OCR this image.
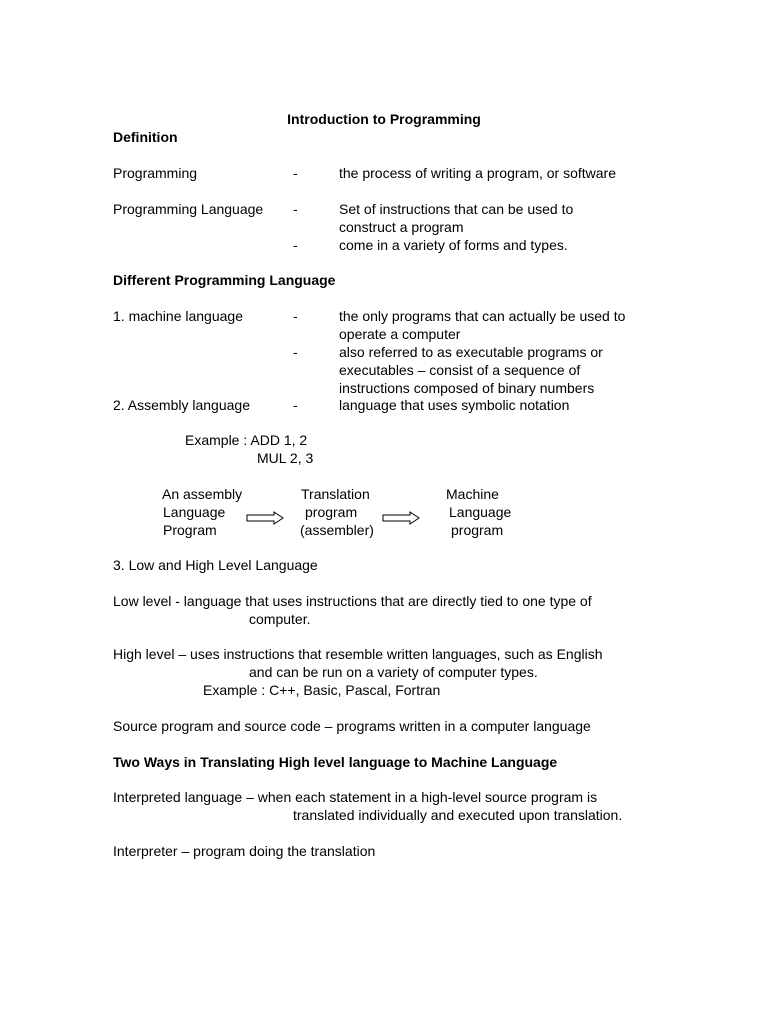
Introduction to Programming
Definition
Programming	-	the process of writing a program, or software
Programming Language -	Set of instructions that can be used to
construct a program
-	come in a variety of forms and types.
Different Programming Language
1. machine language	-	the only programs that can actually be used to
operate a computer
-	also referred to as executable programs or
executables – consist of a sequence of
instructions composed of binary numbers
2. Assembly language	-	language that uses symbolic notation
Example : ADD 1, 2
MUL 2, 3
An assembly
Language
Program
Translation
program
(assembler)
Machine
Language
program
3. Low and High Level Language
Low level - language that uses instructions that are directly tied to one type of
computer.
High level – uses instructions that resemble written languages, such as English
and can be run on a variety of computer types.
Example : C++, Basic, Pascal, Fortran
Source program and source code – programs written in a computer language
Two Ways in Translating High level language to Machine Language
Interpreted language – when each statement in a high-level source program is
translated individually and executed upon translation.
Interpreter – program doing the translation
